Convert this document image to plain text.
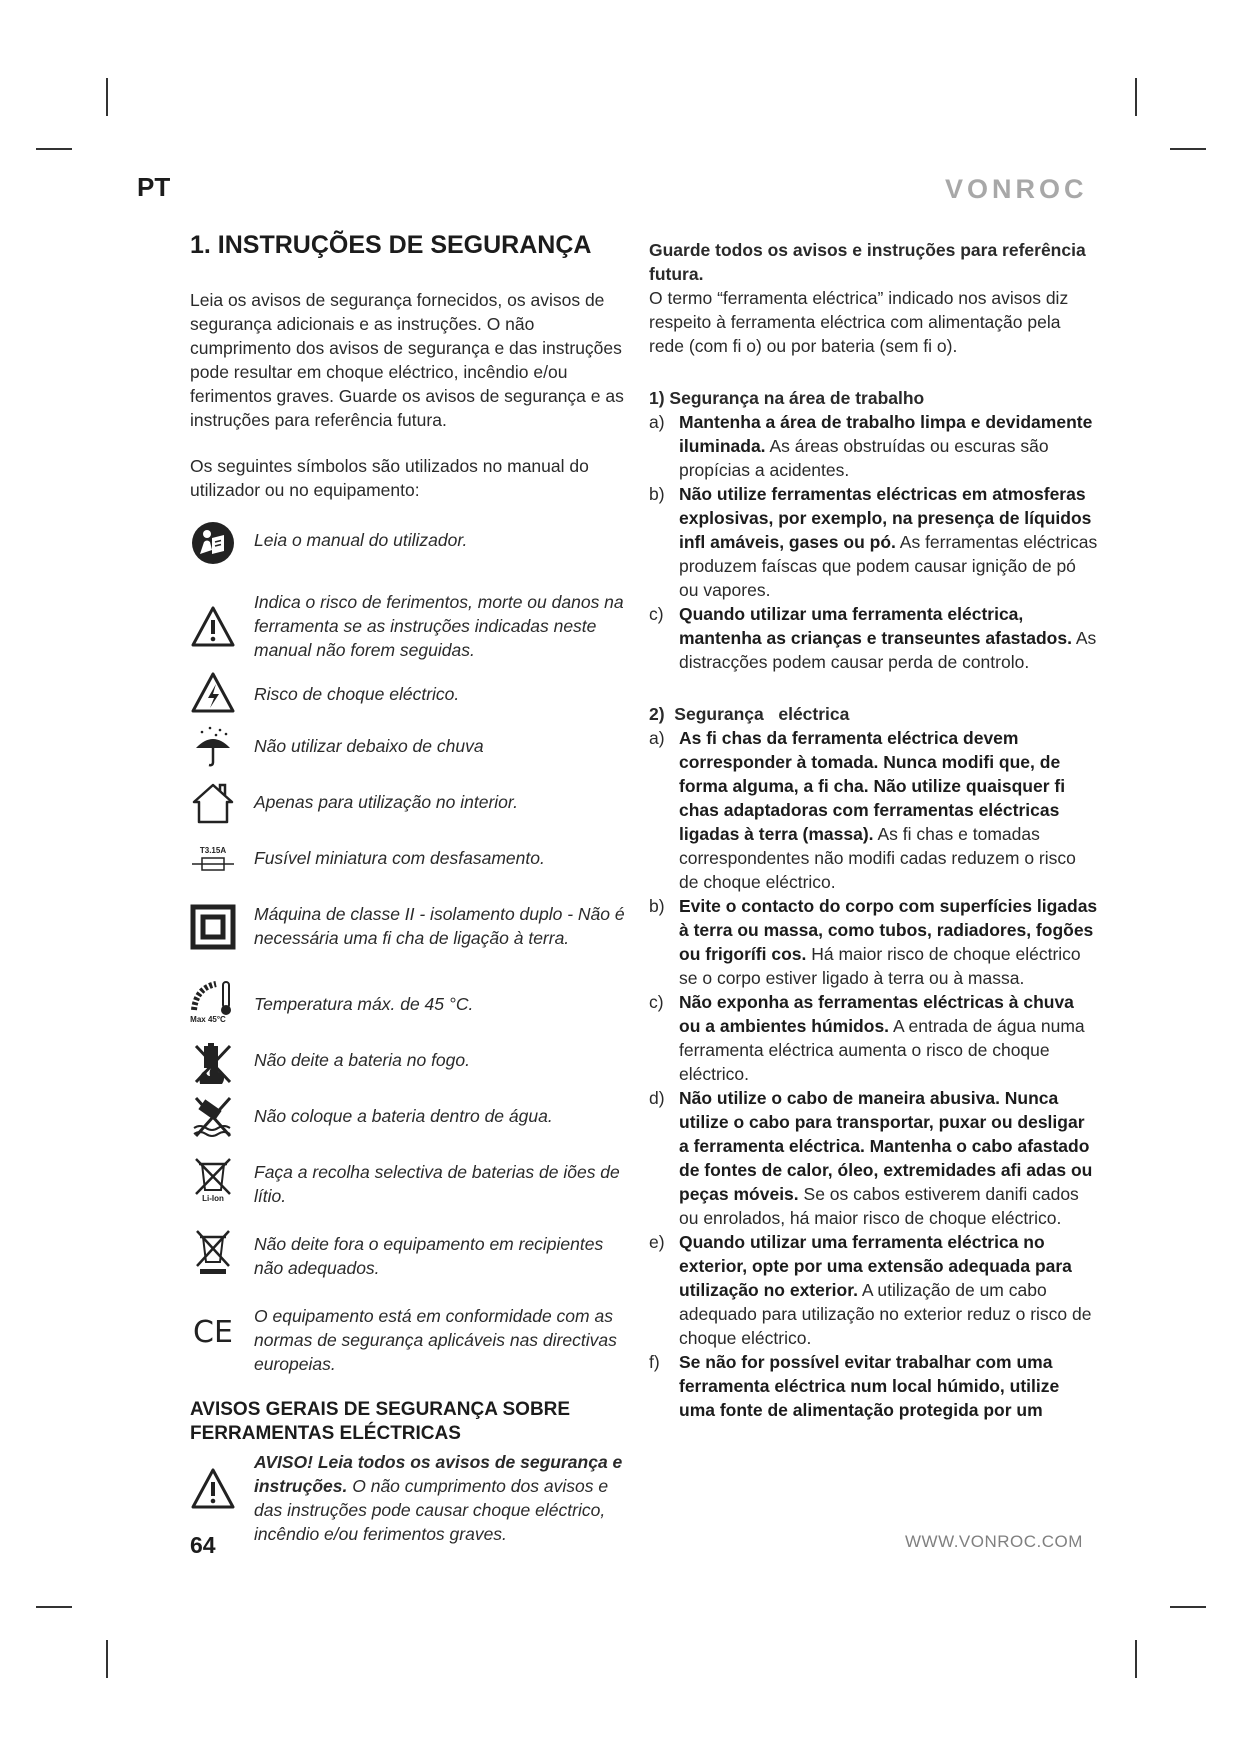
PT	VONROC
1. INSTRUÇÕES DE SEGURANÇA

Leia os avisos de segurança fornecidos, os avisos de segurança adicionais e as instruções. O não cumprimento dos avisos de segurança e das instruções pode resultar em choque eléctrico, incêndio e/ou ferimentos graves. Guarde os avisos de segurança e as instruções para referência futura.

Os seguintes símbolos são utilizados no manual do utilizador ou no equipamento:

Leia o manual do utilizador.
Indica o risco de ferimentos, morte ou danos na ferramenta se as instruções indicadas neste manual não forem seguidas.
Risco de choque eléctrico.
Não utilizar debaixo de chuva
Apenas para utilização no interior.
T3.15A Fusível miniatura com desfasamento.
Máquina de classe II - isolamento duplo - Não é necessária uma fi cha de ligação à terra.
Max 45°C
Temperatura máx. de 45 °C.
Não deite a bateria no fogo.
Não coloque a bateria dentro de água.
Li-Ion
Faça a recolha selectiva de baterias de iões de lítio.
Não deite fora o equipamento em recipientes não adequados.
CE O equipamento está em conformidade com as normas de segurança aplicáveis nas directivas europeias.
AVISOS GERAIS DE SEGURANÇA SOBRE FERRAMENTAS ELÉCTRICAS
AVISO! Leia todos os avisos de segurança e instruções. O não cumprimento dos avisos e das instruções pode causar choque eléctrico, incêndio e/ou ferimentos graves.
Guarde todos os avisos e instruções para referência futura.

O termo “ferramenta eléctrica” indicado nos avisos diz respeito à ferramenta eléctrica com alimentação pela rede (com fi o) ou por bateria (sem fi o).

1) Segurança na área de trabalho
a) Mantenha a área de trabalho limpa e devidamente iluminada. As áreas obstruídas ou escuras são propícias a acidentes.
b) Não utilize ferramentas eléctricas em atmosferas explosivas, por exemplo, na presença de líquidos infl amáveis, gases ou pó. As ferramentas eléctricas produzem faíscas que podem causar ignição de pó ou vapores.
c) Quando utilizar uma ferramenta eléctrica, mantenha as crianças e transeuntes afastados. As distracções podem causar perda de controlo.
2)  Segurança   eléctrica
a) As fi chas da ferramenta eléctrica devem corresponder à tomada. Nunca modifi que, de forma alguma, a fi cha. Não utilize quaisquer fi chas adaptadoras com ferramentas eléctricas ligadas à terra (massa). As fi chas e tomadas correspondentes não modifi cadas reduzem o risco de choque eléctrico.
b) Evite o contacto do corpo com superfícies ligadas à terra ou massa, como tubos, radiadores, fogões ou frigorífi cos. Há maior risco de choque eléctrico se o corpo estiver ligado à terra ou à massa.
c) Não exponha as ferramentas eléctricas à chuva ou a ambientes húmidos. A entrada de água numa ferramenta eléctrica aumenta o risco de choque eléctrico.
d) Não utilize o cabo de maneira abusiva. Nunca utilize o cabo para transportar, puxar ou desligar a ferramenta eléctrica. Mantenha o cabo afastado de fontes de calor, óleo, extremidades afi adas ou peças móveis. Se os cabos estiverem danifi cados ou enrolados, há maior risco de choque eléctrico.
e) Quando utilizar uma ferramenta eléctrica no exterior, opte por uma extensão adequada para utilização no exterior. A utilização de um cabo adequado para utilização no exterior reduz o risco de choque eléctrico.
f) Se não for possível evitar trabalhar com uma ferramenta eléctrica num local húmido, utilize uma fonte de alimentação protegida por um
64	WWW.VONROC.COM
